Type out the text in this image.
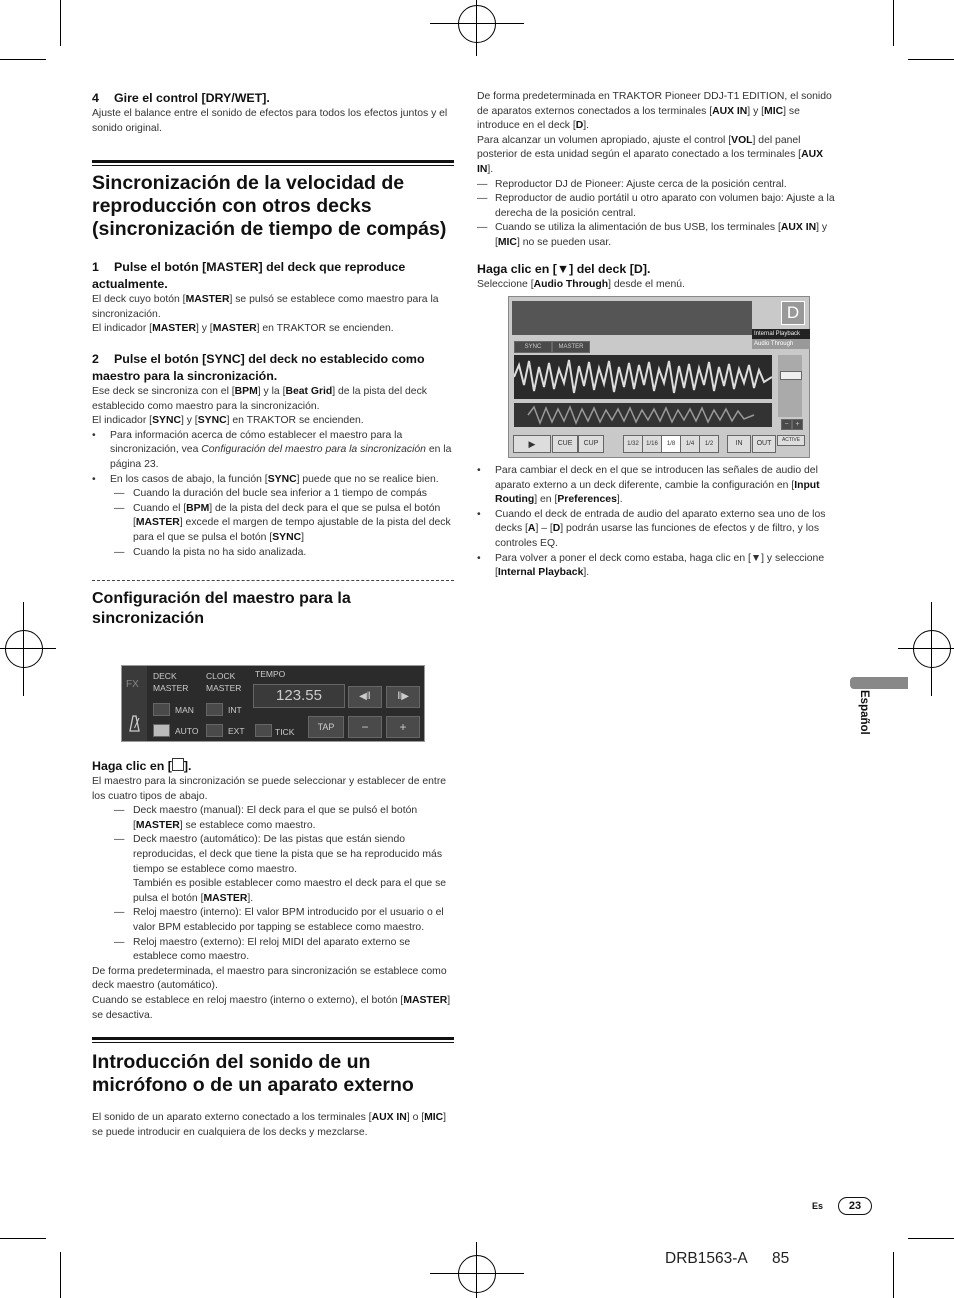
4 Gire el control [DRY/WET].

Ajuste el balance entre el sonido de efectos para todos los efectos juntos y el sonido original.

Sincronización de la velocidad de reproducción con otros decks (sincronización de tiempo de compás)
1 Pulse el botón [MASTER] del deck que reproduce actualmente.

El deck cuyo botón [MASTER] se pulsó se establece como maestro para la sincronización.

El indicador [MASTER] y [MASTER] en TRAKTOR se encienden.

2 Pulse el botón [SYNC] del deck no establecido como maestro para la sincronización.

Ese deck se sincroniza con el [BPM] y la [Beat Grid] de la pista del deck establecido como maestro para la sincronización.

El indicador [SYNC] y [SYNC] en TRAKTOR se encienden.

• Para información acerca de cómo establecer el maestro para la sincronización, vea Configuración del maestro para la sincronización en la página 23.
• En los casos de abajo, la función [SYNC] puede que no se realice bien.
— Cuando la duración del bucle sea inferior a 1 tiempo de compás
— Cuando el [BPM] de la pista del deck para el que se pulsa el botón [MASTER] excede el margen de tempo ajustable de la pista del deck para el que se pulsa el botón [SYNC]
— Cuando la pista no ha sido analizada.
Configuración del maestro para la sincronización
FX
DECK
MASTER
CLOCK
MASTER
TEMPO
123.55	◀‖	‖▶
MAN	INT
AUTO	EXT	TICK	TAP	−	+
Haga clic en [ ].

El maestro para la sincronización se puede seleccionar y establecer de entre los cuatro tipos de abajo.

— Deck maestro (manual): El deck para el que se pulsó el botón [MASTER] se establece como maestro.
— Deck maestro (automático): De las pistas que están siendo reproducidas, el deck que tiene la pista que se ha reproducido más tiempo se establece como maestro.
También es posible establecer como maestro el deck para el que se pulsa el botón [MASTER].
— Reloj maestro (interno): El valor BPM introducido por el usuario o el valor BPM establecido por tapping se establece como maestro.
— Reloj maestro (externo): El reloj MIDI del aparato externo se establece como maestro.

De forma predeterminada, el maestro para sincronización se establece como deck maestro (automático).

Cuando se establece en reloj maestro (interno o externo), el botón [MASTER] se desactiva.

Introducción del sonido de un micrófono o de un aparato externo

El sonido de un aparato externo conectado a los terminales [AUX IN] o [MIC] se puede introducir en cualquiera de los decks y mezclarse.

De forma predeterminada en TRAKTOR Pioneer DDJ-T1 EDITION, el sonido de aparatos externos conectados a los terminales [AUX IN] y [MIC] se introduce en el deck [D].

Para alcanzar un volumen apropiado, ajuste el control [VOL] del panel posterior de esta unidad según el aparato conectado a los terminales [AUX IN].

— Reproductor DJ de Pioneer: Ajuste cerca de la posición central.
— Reproductor de audio portátil u otro aparato con volumen bajo: Ajuste a la derecha de la posición central.
— Cuando se utiliza la alimentación de bus USB, los terminales [AUX IN] y [MIC] no se pueden usar.
Haga clic en [▼] del deck [D].

Seleccione [Audio Through] desde el menú.

D
Internal Playback
Audio Through
SYNC	MASTER
− +
▶	CUE	CUP	1/32	1/16	1/8	1/4	1/2	IN	OUT	ACTIVE
• Para cambiar el deck en el que se introducen las señales de audio del aparato externo a un deck diferente, cambie la configuración en [Input Routing] en [Preferences].
• Cuando el deck de entrada de audio del aparato externo sea uno de los decks [A] – [D] podrán usarse las funciones de efectos y de filtro, y los controles EQ.
• Para volver a poner el deck como estaba, haga clic en [▼] y seleccione [Internal Playback].
Español
Es	23
DRB1563-A 85
